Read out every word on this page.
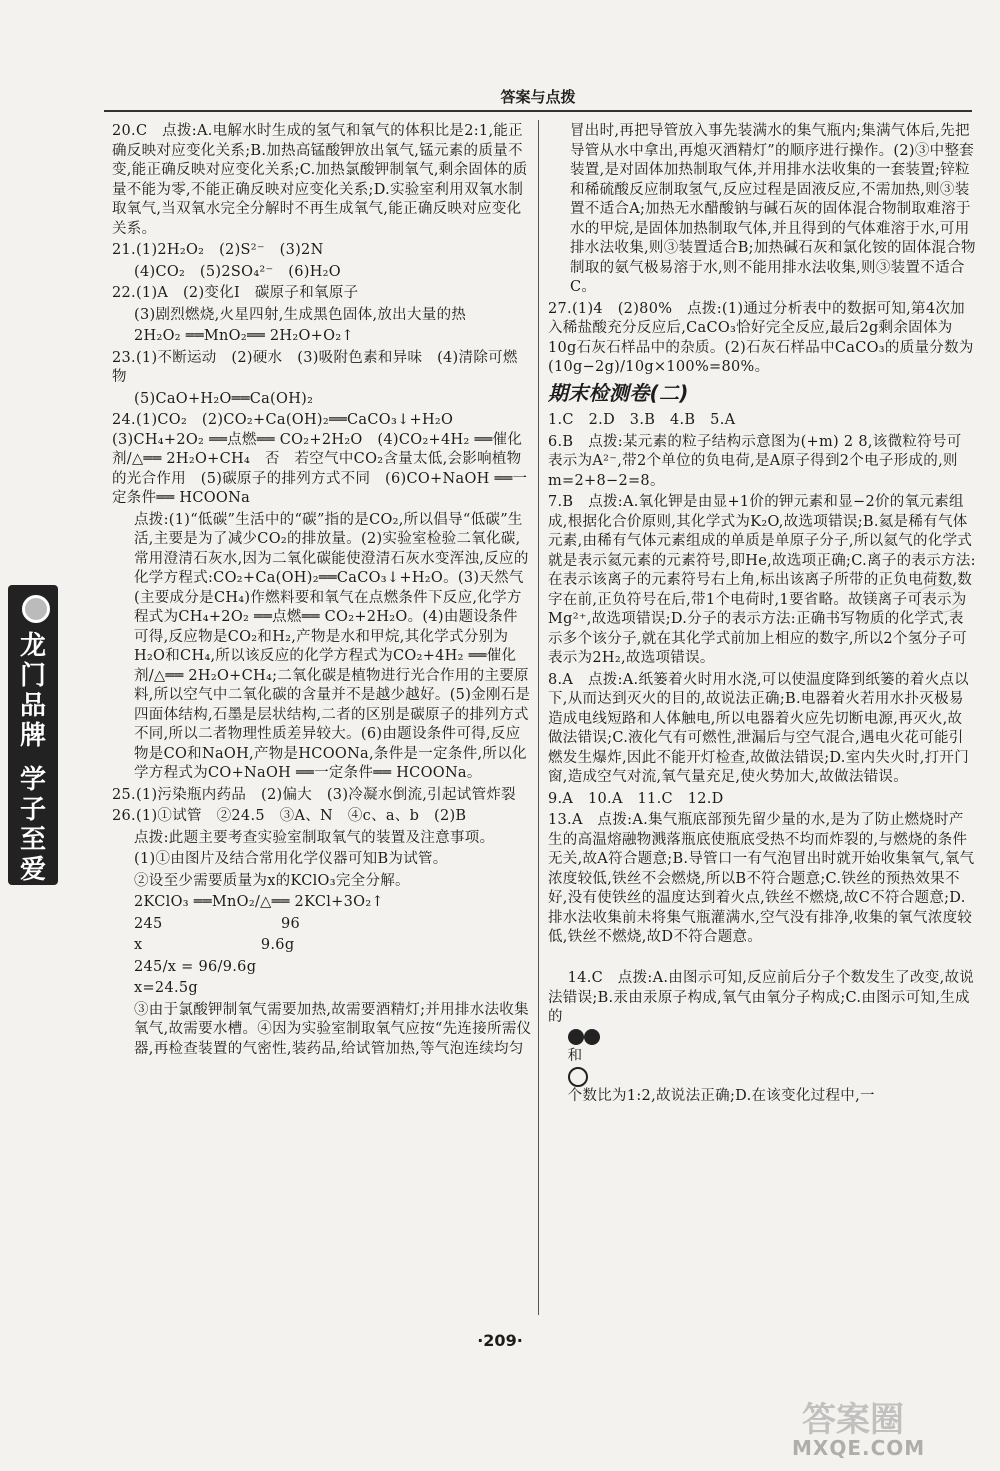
答案与点拨
龙门品牌
学子至爱

20.C　点拨:A.电解水时生成的氢气和氧气的体积比是2:1,能正确反映对应变化关系;B.加热高锰酸钾放出氧气,锰元素的质量不变,能正确反映对应变化关系;C.加热氯酸钾制氧气,剩余固体的质量不能为零,不能正确反映对应变化关系;D.实验室利用双氧水制取氧气,当双氧水完全分解时不再生成氧气,能正确反映对应变化关系。

21.(1)2H₂O₂　(2)S²⁻　(3)2N

(4)CO₂　(5)2SO₄²⁻　(6)H₂O

22.(1)A　(2)变化Ⅰ　碳原子和氧原子

(3)剧烈燃烧,火星四射,生成黑色固体,放出大量的热

2H₂O₂ ══MnO₂══ 2H₂O+O₂↑

23.(1)不断运动　(2)硬水　(3)吸附色素和异味　(4)清除可燃物

(5)CaO+H₂O══Ca(OH)₂

24.(1)CO₂　(2)CO₂+Ca(OH)₂══CaCO₃↓+H₂O　(3)CH₄+2O₂ ══点燃══ CO₂+2H₂O　(4)CO₂+4H₂ ══催化剂/△══ 2H₂O+CH₄　否　若空气中CO₂含量太低,会影响植物的光合作用　(5)碳原子的排列方式不同　(6)CO+NaOH ══一定条件══ HCOONa

点拨:(1)“低碳”生活中的“碳”指的是CO₂,所以倡导“低碳”生活,主要是为了减少CO₂的排放量。(2)实验室检验二氧化碳,常用澄清石灰水,因为二氧化碳能使澄清石灰水变浑浊,反应的化学方程式:CO₂+Ca(OH)₂══CaCO₃↓+H₂O。(3)天然气(主要成分是CH₄)作燃料要和氧气在点燃条件下反应,化学方程式为CH₄+2O₂ ══点燃══ CO₂+2H₂O。(4)由题设条件可得,反应物是CO₂和H₂,产物是水和甲烷,其化学式分别为H₂O和CH₄,所以该反应的化学方程式为CO₂+4H₂ ══催化剂/△══ 2H₂O+CH₄;二氧化碳是植物进行光合作用的主要原料,所以空气中二氧化碳的含量并不是越少越好。(5)金刚石是四面体结构,石墨是层状结构,二者的区别是碳原子的排列方式不同,所以二者物理性质差异较大。(6)由题设条件可得,反应物是CO和NaOH,产物是HCOONa,条件是一定条件,所以化学方程式为CO+NaOH ══一定条件══ HCOONa。

25.(1)污染瓶内药品　(2)偏大　(3)冷凝水倒流,引起试管炸裂

26.(1)①试管　②24.5　③A、N　④c、a、b　(2)B

点拨:此题主要考查实验室制取氧气的装置及注意事项。

(1)①由图片及结合常用化学仪器可知B为试管。

②设至少需要质量为x的KClO₃完全分解。

2KClO₃ ══MnO₂/△══ 2KCl+3O₂↑

245　　　　　　　　96

x　　　　　　　　9.6g

245/x = 96/9.6g

x=24.5g

③由于氯酸钾制氧气需要加热,故需要酒精灯;并用排水法收集氧气,故需要水槽。④因为实验室制取氧气应按“先连接所需仪器,再检查装置的气密性,装药品,给试管加热,等气泡连续均匀

冒出时,再把导管放入事先装满水的集气瓶内;集满气体后,先把导管从水中拿出,再熄灭酒精灯”的顺序进行操作。(2)③中整套装置,是对固体加热制取气体,并用排水法收集的一套装置;锌粒和稀硫酸反应制取氢气,反应过程是固液反应,不需加热,则③装置不适合A;加热无水醋酸钠与碱石灰的固体混合物制取难溶于水的甲烷,是固体加热制取气体,并且得到的气体难溶于水,可用排水法收集,则③装置适合B;加热碱石灰和氯化铵的固体混合物制取的氨气极易溶于水,则不能用排水法收集,则③装置不适合C。

27.(1)4　(2)80%　点拨:(1)通过分析表中的数据可知,第4次加入稀盐酸充分反应后,CaCO₃恰好完全反应,最后2g剩余固体为10g石灰石样品中的杂质。(2)石灰石样品中CaCO₃的质量分数为(10g−2g)/10g×100%=80%。

期末检测卷(二)

1.C　2.D　3.B　4.B　5.A

6.B　点拨:某元素的粒子结构示意图为(+m) 2 8,该微粒符号可表示为A²⁻,带2个单位的负电荷,是A原子得到2个电子形成的,则m=2+8−2=8。

7.B　点拨:A.氧化钾是由显+1价的钾元素和显−2价的氧元素组成,根据化合价原则,其化学式为K₂O,故选项错误;B.氦是稀有气体元素,由稀有气体元素组成的单质是单原子分子,所以氦气的化学式就是表示氦元素的元素符号,即He,故选项正确;C.离子的表示方法:在表示该离子的元素符号右上角,标出该离子所带的正负电荷数,数字在前,正负符号在后,带1个电荷时,1要省略。故镁离子可表示为Mg²⁺,故选项错误;D.分子的表示方法:正确书写物质的化学式,表示多个该分子,就在其化学式前加上相应的数字,所以2个氢分子可表示为2H₂,故选项错误。

8.A　点拨:A.纸篓着火时用水浇,可以使温度降到纸篓的着火点以下,从而达到灭火的目的,故说法正确;B.电器着火若用水扑灭极易造成电线短路和人体触电,所以电器着火应先切断电源,再灭火,故做法错误;C.液化气有可燃性,泄漏后与空气混合,遇电火花可能引燃发生爆炸,因此不能开灯检查,故做法错误;D.室内失火时,打开门窗,造成空气对流,氧气量充足,使火势加大,故做法错误。

9.A　10.A　11.C　12.D

13.A　点拨:A.集气瓶底部预先留少量的水,是为了防止燃烧时产生的高温熔融物溅落瓶底使瓶底受热不均而炸裂的,与燃烧的条件无关,故A符合题意;B.导管口一有气泡冒出时就开始收集氧气,氧气浓度较低,铁丝不会燃烧,所以B不符合题意;C.铁丝的预热效果不好,没有使铁丝的温度达到着火点,铁丝不燃烧,故C不符合题意;D.排水法收集前未将集气瓶灌满水,空气没有排净,收集的氧气浓度较低,铁丝不燃烧,故D不符合题意。

14.C　点拨:A.由图示可知,反应前后分子个数发生了改变,故说法错误;B.汞由汞原子构成,氧气由氧分子构成;C.由图示可知,生成的

和

个数比为1:2,故说法正确;D.在该变化过程中,一

·209·
答案圈
MXQE.COM
